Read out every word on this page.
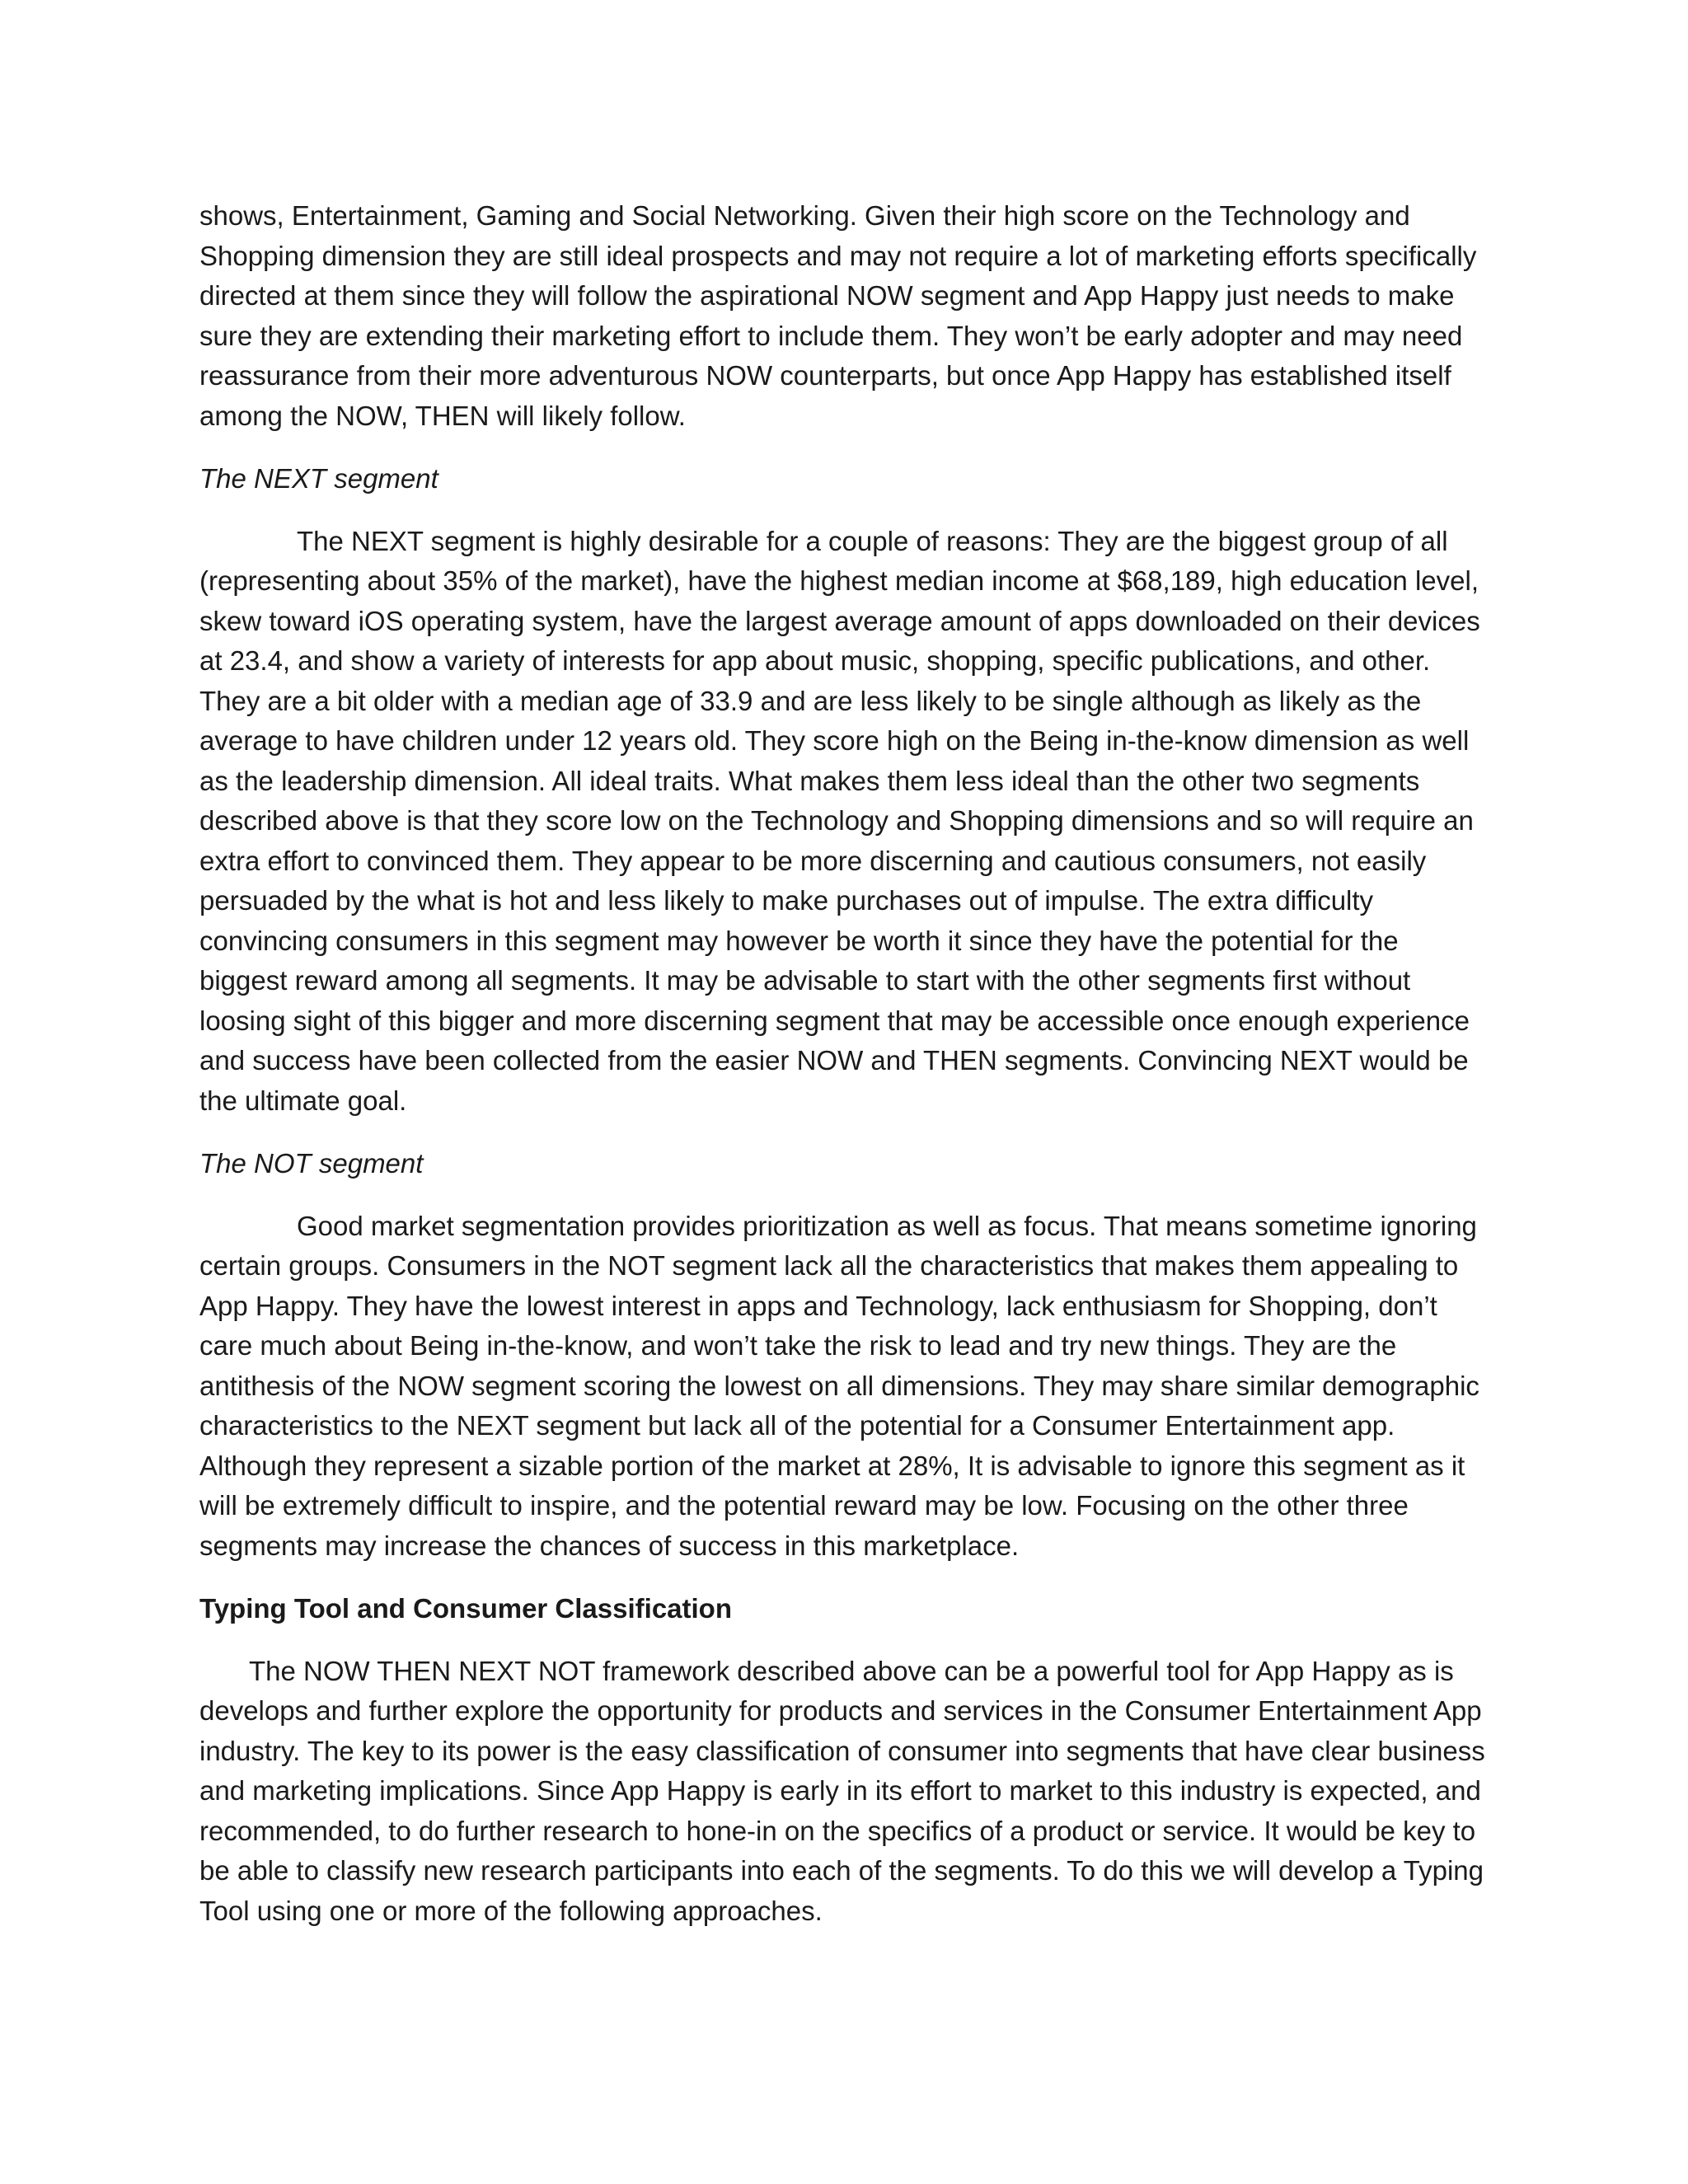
shows, Entertainment, Gaming and Social Networking. Given their high score on the Technology and Shopping dimension they are still ideal prospects and may not require a lot of marketing efforts specifically directed at them since they will follow the aspirational NOW segment and App Happy just needs to make sure they are extending their marketing effort to include them. They won’t be early adopter and may need reassurance from their more adventurous NOW counterparts, but once App Happy has established itself among the NOW, THEN will likely follow.

The NEXT segment

The NEXT segment is highly desirable for a couple of reasons: They are the biggest group of all (representing about 35% of the market), have the highest median income at $68,189, high education level, skew toward iOS operating system, have the largest average amount of apps downloaded on their devices at 23.4, and show a variety of interests for app about music, shopping, specific publications, and other. They are a bit older with a median age of 33.9 and are less likely to be single although as likely as the average to have children under 12 years old. They score high on the Being in-the-know dimension as well as the leadership dimension. All ideal traits. What makes them less ideal than the other two segments described above is that they score low on the Technology and Shopping dimensions and so will require an extra effort to convinced them. They appear to be more discerning and cautious consumers, not easily persuaded by the what is hot and less likely to make purchases out of impulse. The extra difficulty convincing consumers in this segment may however be worth it since they have the potential for the biggest reward among all segments. It may be advisable to start with the other segments first without loosing sight of this bigger and more discerning segment that may be accessible once enough experience and success have been collected from the easier NOW and THEN segments. Convincing NEXT would be the ultimate goal.

The NOT segment

Good market segmentation provides prioritization as well as focus. That means sometime ignoring certain groups. Consumers in the NOT segment lack all the characteristics that makes them appealing to App Happy. They have the lowest interest in apps and Technology, lack enthusiasm for Shopping, don’t care much about Being in-the-know, and won’t take the risk to lead and try new things. They are the antithesis of the NOW segment scoring the lowest on all dimensions. They may share similar demographic characteristics to the NEXT segment but lack all of the potential for a Consumer Entertainment app. Although they represent a sizable portion of the market at 28%, It is advisable to ignore this segment as it will be extremely difficult to inspire, and the potential reward may be low. Focusing on the other three segments may increase the chances of success in this marketplace.

Typing Tool and Consumer Classification

The NOW THEN NEXT NOT framework described above can be a powerful tool for App Happy as is develops and further explore the opportunity for products and services in the Consumer Entertainment App industry. The key to its power is the easy classification of consumer into segments that have clear business and marketing implications. Since App Happy is early in its effort to market to this industry is expected, and recommended, to do further research to hone-in on the specifics of a product or service. It would be key to be able to classify new research participants into each of the segments. To do this we will develop a Typing Tool using one or more of the following approaches.
